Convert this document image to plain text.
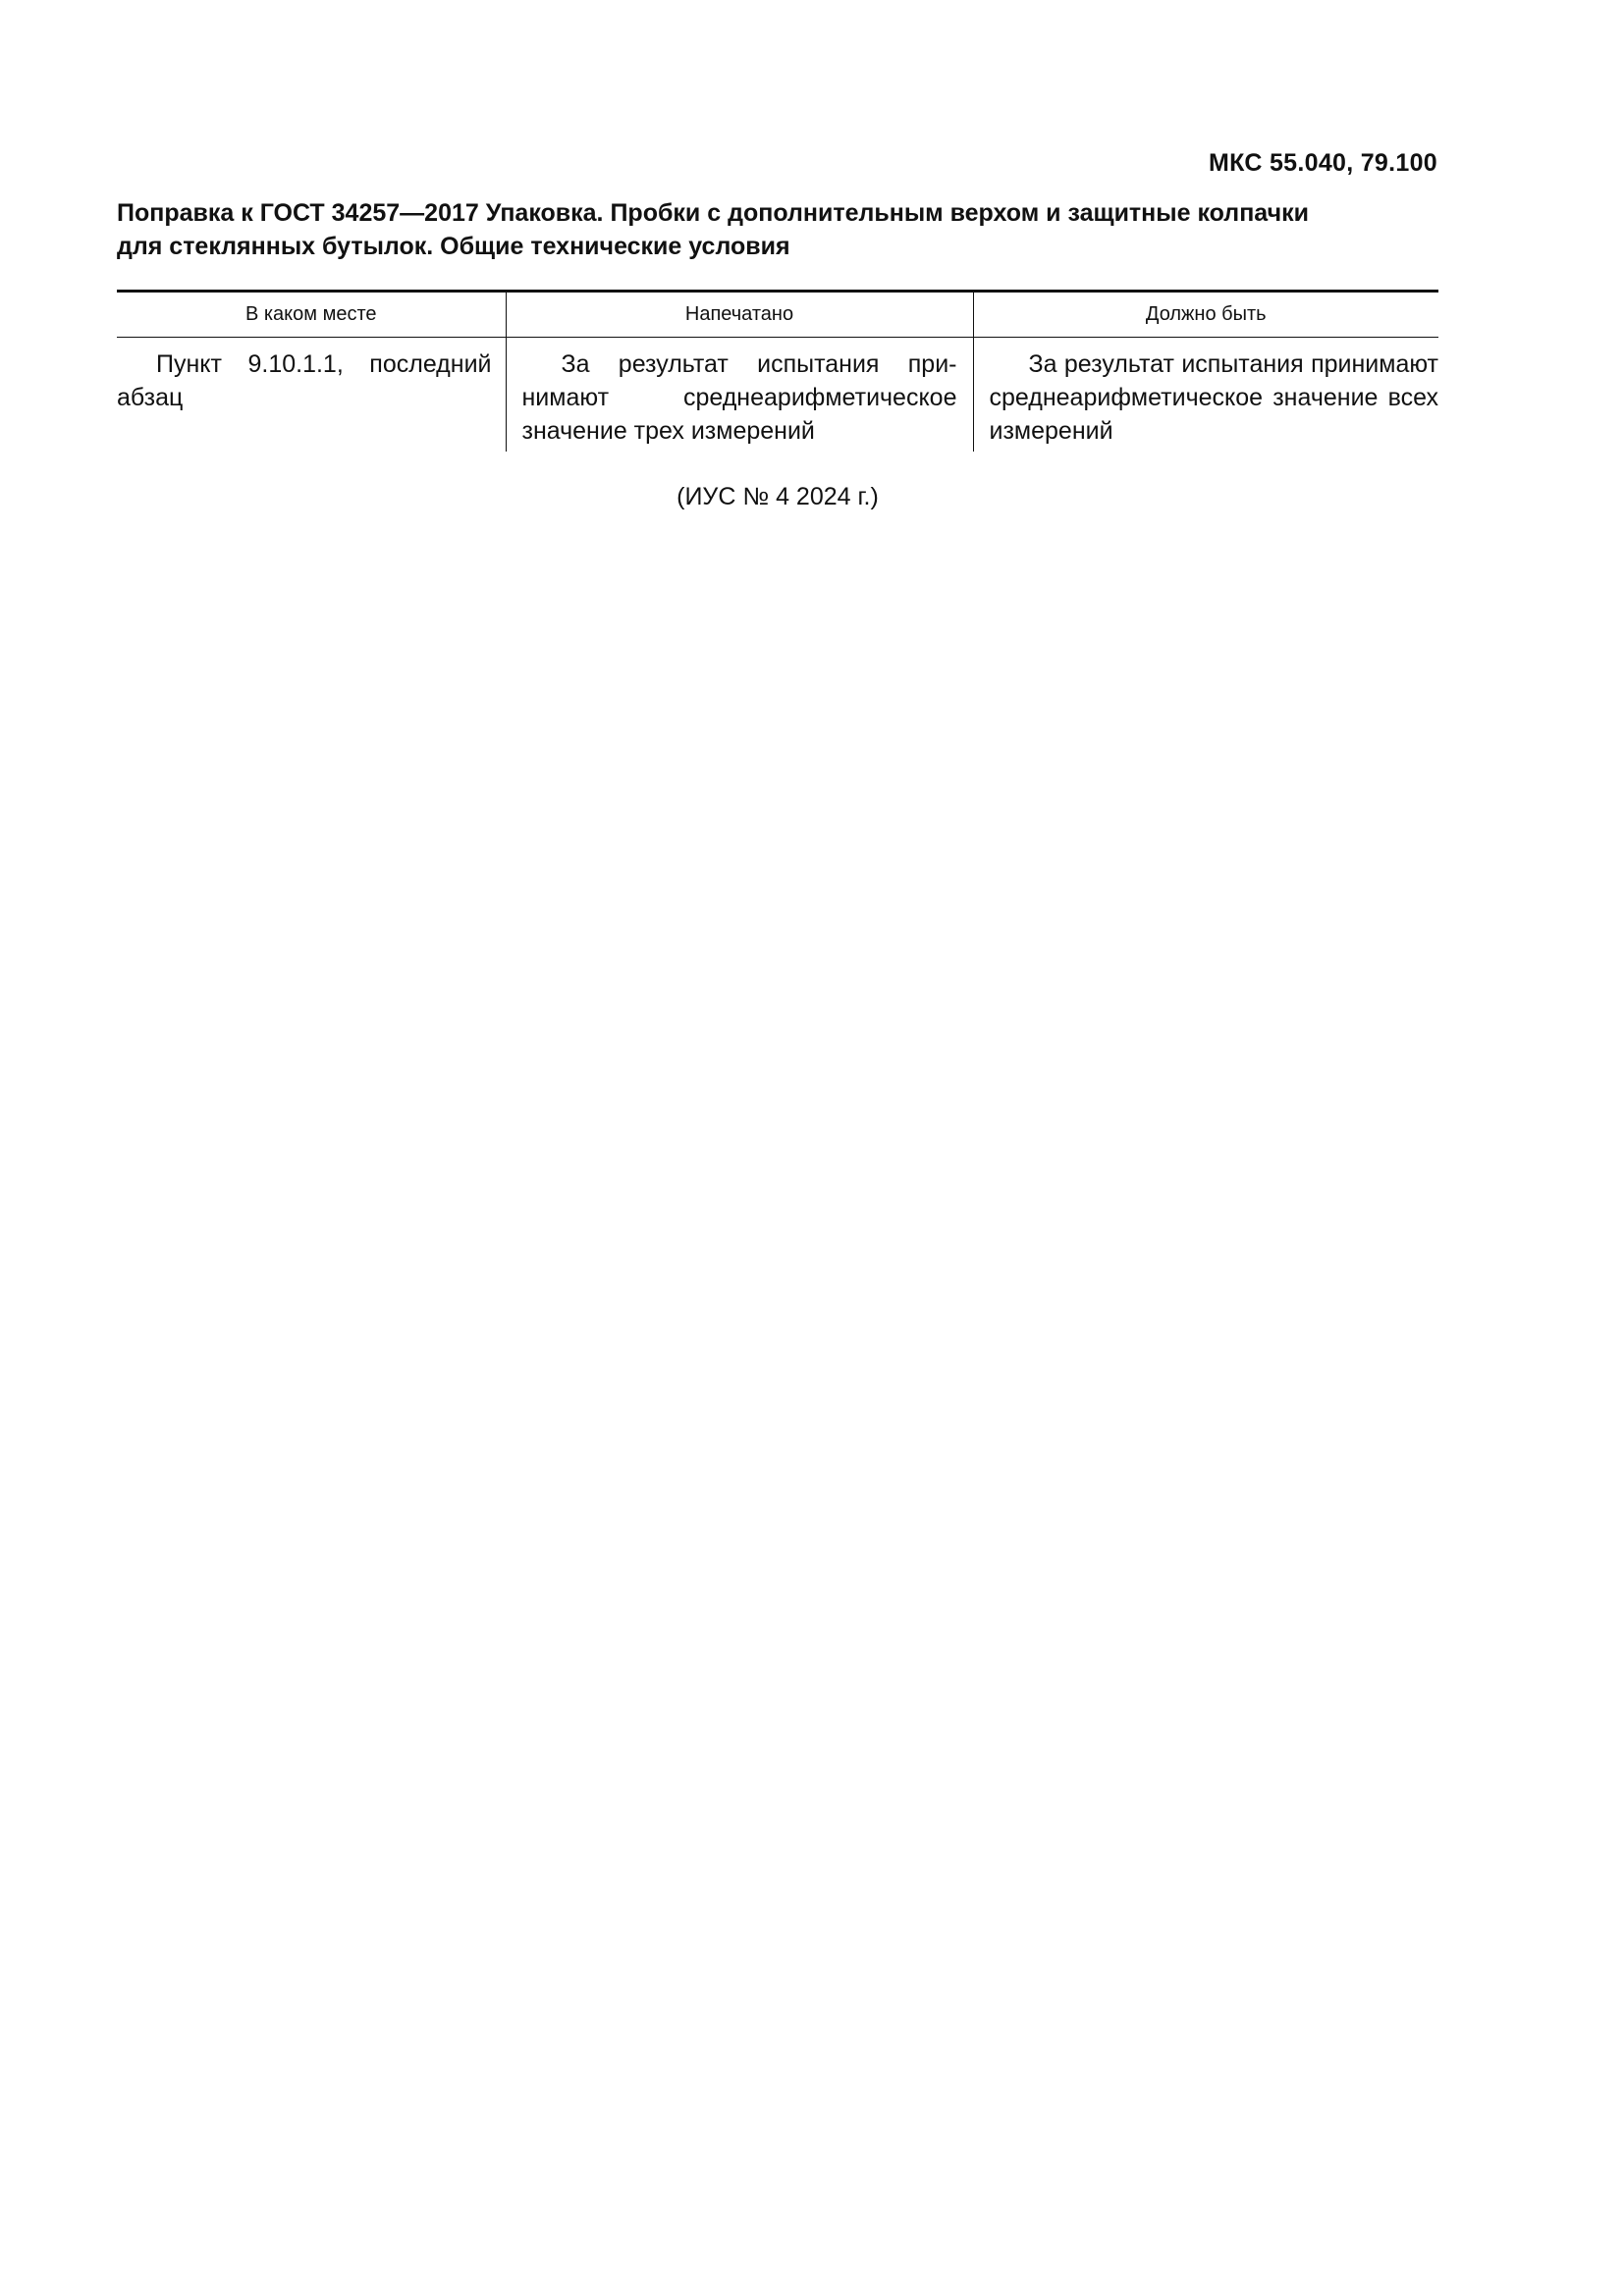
МКС 55.040, 79.100
Поправка к ГОСТ 34257—2017 Упаковка. Пробки с дополнительным верхом и защитные колпачки
для стеклянных бутылок. Общие технические условия
В каком месте	Напечатано	Должно быть

Пункт 9.10.1.1, последний абзац	За результат испытания принимают среднеарифметическое значение трех измерений	За результат испытания принимают среднеарифметическое значение всех измерений
(ИУС № 4 2024 г.)
